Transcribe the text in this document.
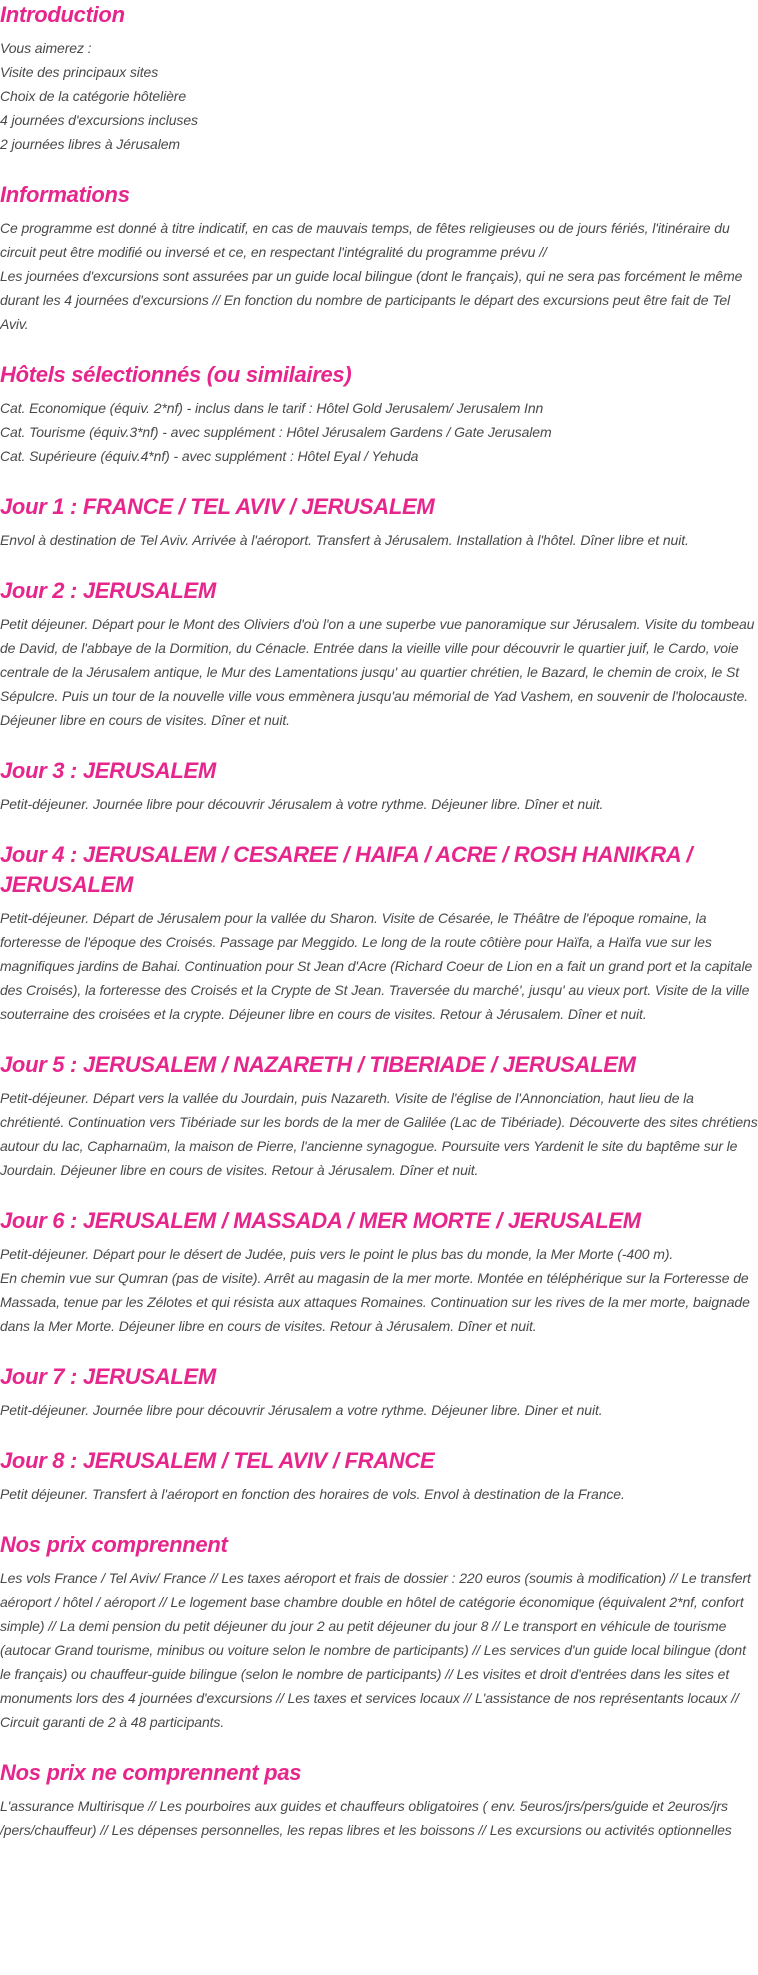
Introduction

Vous aimerez :

Visite des principaux sites

Choix de la catégorie hôtelière

4 journées d'excursions incluses

2 journées libres à Jérusalem

Informations

Ce programme est donné à titre indicatif, en cas de mauvais temps, de fêtes religieuses ou de jours fériés, l'itinéraire du circuit peut être modifié ou inversé et ce, en respectant l'intégralité du programme prévu //

Les journées d'excursions sont assurées par un guide local bilingue (dont le français), qui ne sera pas forcément le même durant les 4 journées d'excursions // En fonction du nombre de participants le départ des excursions peut être fait de Tel Aviv.

Hôtels sélectionnés (ou similaires)

Cat. Economique (équiv. 2*nf) - inclus dans le tarif : Hôtel Gold Jerusalem/ Jerusalem Inn

Cat. Tourisme (équiv.3*nf) - avec supplément : Hôtel Jérusalem Gardens / Gate Jerusalem

Cat. Supérieure (équiv.4*nf) - avec supplément : Hôtel Eyal / Yehuda

Jour 1 : FRANCE / TEL AVIV / JERUSALEM

Envol à destination de Tel Aviv. Arrivée à l'aéroport. Transfert à Jérusalem. Installation à l'hôtel. Dîner libre et nuit.

Jour 2 : JERUSALEM

Petit déjeuner. Départ pour le Mont des Oliviers d'où l'on a une superbe vue panoramique sur Jérusalem. Visite du tombeau de David, de l'abbaye de la Dormition, du Cénacle. Entrée dans la vieille ville pour découvrir le quartier juif, le Cardo, voie centrale de la Jérusalem antique, le Mur des Lamentations jusqu' au quartier chrétien, le Bazard, le chemin de croix, le St Sépulcre. Puis un tour de la nouvelle ville vous emmènera jusqu'au mémorial de Yad Vashem, en souvenir de l'holocauste. Déjeuner libre en cours de visites. Dîner et nuit.

Jour 3 : JERUSALEM

Petit-déjeuner. Journée libre pour découvrir Jérusalem à votre rythme. Déjeuner libre. Dîner et nuit.

Jour 4 : JERUSALEM / CESAREE / HAIFA / ACRE / ROSH HANIKRA / JERUSALEM

Petit-déjeuner. Départ de Jérusalem pour la vallée du Sharon. Visite de Césarée, le Théâtre de l'époque romaine, la forteresse de l'époque des Croisés. Passage par Meggido. Le long de la route côtière pour Haïfa, a Haïfa vue sur les magnifiques jardins de Bahai. Continuation pour St Jean d'Acre (Richard Coeur de Lion en a fait un grand port et la capitale des Croisés), la forteresse des Croisés et la Crypte de St Jean. Traversée du marché', jusqu' au vieux port. Visite de la ville souterraine des croisées et la crypte. Déjeuner libre en cours de visites. Retour à Jérusalem. Dîner et nuit.

Jour 5 : JERUSALEM / NAZARETH / TIBERIADE / JERUSALEM

Petit-déjeuner. Départ vers la vallée du Jourdain, puis Nazareth. Visite de l'église de l'Annonciation, haut lieu de la chrétienté. Continuation vers Tibériade sur les bords de la mer de Galilée (Lac de Tibériade). Découverte des sites chrétiens autour du lac, Capharnaüm, la maison de Pierre, l'ancienne synagogue. Poursuite vers Yardenit le site du baptême sur le Jourdain. Déjeuner libre en cours de visites. Retour à Jérusalem. Dîner et nuit.

Jour 6 : JERUSALEM / MASSADA / MER MORTE / JERUSALEM

Petit-déjeuner. Départ pour le désert de Judée, puis vers le point le plus bas du monde, la Mer Morte (-400 m).

En chemin vue sur Qumran (pas de visite). Arrêt au magasin de la mer morte. Montée en téléphérique sur la Forteresse de Massada, tenue par les Zélotes et qui résista aux attaques Romaines. Continuation sur les rives de la mer morte, baignade dans la Mer Morte. Déjeuner libre en cours de visites. Retour à Jérusalem. Dîner et nuit.

Jour 7 : JERUSALEM

Petit-déjeuner. Journée libre pour découvrir Jérusalem a votre rythme. Déjeuner libre. Diner et nuit.

Jour 8 : JERUSALEM / TEL AVIV / FRANCE

Petit déjeuner. Transfert à l'aéroport en fonction des horaires de vols. Envol à destination de la France.

Nos prix comprennent

Les vols France / Tel Aviv/ France // Les taxes aéroport et frais de dossier : 220 euros (soumis à modification) // Le transfert aéroport / hôtel / aéroport // Le logement base chambre double en hôtel de catégorie économique (équivalent 2*nf, confort simple) // La demi pension du petit déjeuner du jour 2 au petit déjeuner du jour 8 // Le transport en véhicule de tourisme (autocar Grand tourisme, minibus ou voiture selon le nombre de participants) // Les services d'un guide local bilingue (dont le français) ou chauffeur-guide bilingue (selon le nombre de participants) // Les visites et droit d'entrées dans les sites et monuments lors des 4 journées d'excursions // Les taxes et services locaux // L'assistance de nos représentants locaux // Circuit garanti de 2 à 48 participants.

Nos prix ne comprennent pas

L'assurance Multirisque // Les pourboires aux guides et chauffeurs obligatoires ( env. 5euros/jrs/pers/guide et 2euros/jrs /pers/chauffeur) // Les dépenses personnelles, les repas libres et les boissons // Les excursions ou activités optionnelles
